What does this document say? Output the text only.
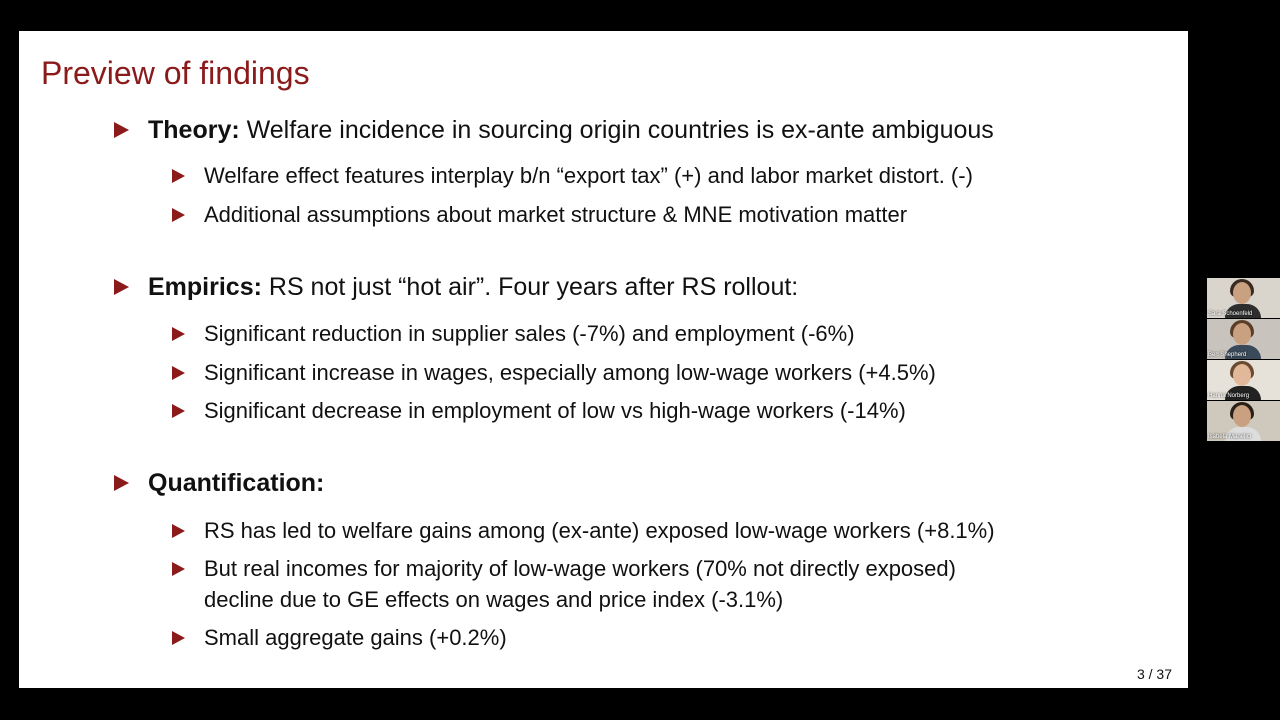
Preview of findings
Theory: Welfare incidence in sourcing origin countries is ex-ante ambiguous
Welfare effect features interplay b/n “export tax” (+) and labor market distort. (-)
Additional assumptions about market structure & MNE motivation matter
Empirics: RS not just “hot air”. Four years after RS rollout:
Significant reduction in supplier sales (-7%) and employment (-6%)
Significant increase in wages, especially among low-wage workers (+4.5%)
Significant decrease in employment of low vs high-wage workers (-14%)
Quantification:
RS has led to welfare gains among (ex-ante) exposed low-wage workers (+8.1%)
But real incomes for majority of low-wage workers (70% not directly exposed)
decline due to GE effects on wages and price index (-3.1%)
Small aggregate gains (+0.2%)
3 / 37
Sara Schoenfeld
Ben Shepherd
Hanna Norberg
Isabela Manelici
